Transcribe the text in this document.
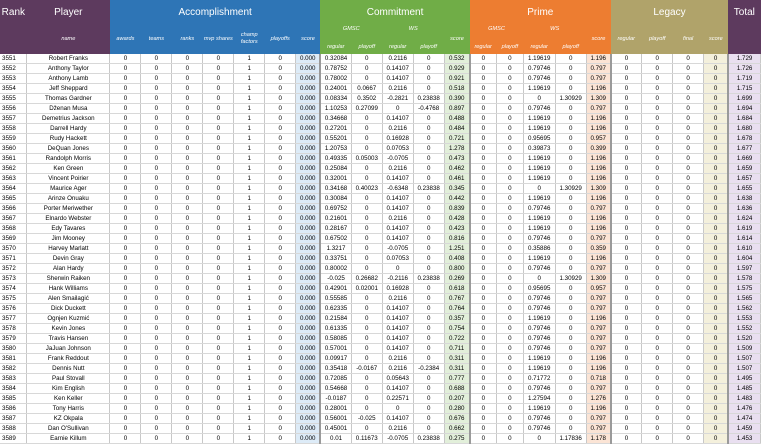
Rank	Player	Accomplishment							Commitment					Prime					Legacy				Total
	name	awards	teams	ranks	mvp shares	champ factors	playoffs	score	GMSC		WS		score	GMSC		WS		score	regular	playoff	final	score	
									regular	playoff	regular	playoff		regular	playoff	regular	playoff						
3551	Robert Franks	0	0	0	0	1	0	0.000	0.32084	0	0.2116	0	0.532	0	0	1.19619	0	1.196	0	0	0	0	1.729
3552	Anthony Taylor	0	0	0	0	1	0	0.000	0.78752	0	0.14107	0	0.929	0	0	0.79746	0	0.797	0	0	0	0	1.726
3553	Anthony Lamb	0	0	0	0	1	0	0.000	0.78002	0	0.14107	0	0.921	0	0	0.79746	0	0.797	0	0	0	0	1.719
3554	Jeff Sheppard	0	0	0	0	1	0	0.000	0.24001	0.0667	0.2116	0	0.518	0	0	1.19619	0	1.196	0	0	0	0	1.715
3555	Thomas Gardner	0	0	0	0	1	0	0.000	0.08334	0.3502	-0.2821	0.23838	0.390	0	0	0	1.30929	1.309	0	0	0	0	1.699
3556	Dženan Musa	0	0	0	0	1	0	0.000	1.10253	0.27099	0	-0.4768	0.897	0	0	0.79746	0	0.797	0	0	0	0	1.694
3557	Demetrius Jackson	0	0	0	0	1	0	0.000	0.34668	0	0.14107	0	0.488	0	0	1.19619	0	1.196	0	0	0	0	1.684
3558	Darrell Hardy	0	0	0	0	1	0	0.000	0.27201	0	0.2116	0	0.484	0	0	1.19619	0	1.196	0	0	0	0	1.680
3559	Rudy Hackett	0	0	0	0	1	0	0.000	0.55201	0	0.16928	0	0.721	0	0	0.95695	0	0.957	0	0	0	0	1.678
3560	DeQuan Jones	0	0	0	0	1	0	0.000	1.20753	0	0.07053	0	1.278	0	0	0.39873	0	0.399	0	0	0	0	1.677
3561	Randolph Morris	0	0	0	0	1	0	0.000	0.49335	0.05003	-0.0705	0	0.473	0	0	1.19619	0	1.196	0	0	0	0	1.669
3562	Ken Green	0	0	0	0	1	0	0.000	0.25084	0	0.2116	0	0.462	0	0	1.19619	0	1.196	0	0	0	0	1.659
3563	Vincent Poirier	0	0	0	0	1	0	0.000	0.32001	0	0.14107	0	0.461	0	0	1.19619	0	1.196	0	0	0	0	1.657
3564	Maurice Ager	0	0	0	0	1	0	0.000	0.34168	0.40023	-0.6348	0.23838	0.345	0	0	0	1.30929	1.309	0	0	0	0	1.655
3565	Arinze Onuaku	0	0	0	0	1	0	0.000	0.30084	0	0.14107	0	0.442	0	0	1.19619	0	1.196	0	0	0	0	1.638
3566	Porter Meriwether	0	0	0	0	1	0	0.000	0.69752	0	0.14107	0	0.839	0	0	0.79746	0	0.797	0	0	0	0	1.636
3567	Elnardo Webster	0	0	0	0	1	0	0.000	0.21601	0	0.2116	0	0.428	0	0	1.19619	0	1.196	0	0	0	0	1.624
3568	Edy Tavares	0	0	0	0	1	0	0.000	0.28167	0	0.14107	0	0.423	0	0	1.19619	0	1.196	0	0	0	0	1.619
3569	Jim Mooney	0	0	0	0	1	0	0.000	0.67502	0	0.14107	0	0.816	0	0	0.79746	0	0.797	0	0	0	0	1.614
3570	Harvey Marlatt	0	0	0	0	1	0	0.000	1.3217	0	-0.0705	0	1.251	0	0	0.35886	0	0.359	0	0	0	0	1.610
3571	Devin Gray	0	0	0	0	1	0	0.000	0.33751	0	0.07053	0	0.408	0	0	1.19619	0	1.196	0	0	0	0	1.604
3572	Alan Hardy	0	0	0	0	1	0	0.000	0.80002	0	0	0	0.800	0	0	0.79746	0	0.797	0	0	0	0	1.597
3573	Sherwin Raiken	0	0	0	0	1	0	0.000	-0.025	0.26682	-0.2116	0.23838	0.269	0	0	0	1.30929	1.309	0	0	0	0	1.578
3574	Hank Williams	0	0	0	0	1	0	0.000	0.42901	0.02001	0.16928	0	0.618	0	0	0.95695	0	0.957	0	0	0	0	1.575
3575	Alen Smailagić	0	0	0	0	1	0	0.000	0.55585	0	0.2116	0	0.767	0	0	0.79746	0	0.797	0	0	0	0	1.565
3576	Dick Duckett	0	0	0	0	1	0	0.000	0.62335	0	0.14107	0	0.764	0	0	0.79746	0	0.797	0	0	0	0	1.562
3577	Ognjen Kuzmić	0	0	0	0	1	0	0.000	0.21584	0	0.14107	0	0.357	0	0	1.19619	0	1.196	0	0	0	0	1.553
3578	Kevin Jones	0	0	0	0	1	0	0.000	0.61335	0	0.14107	0	0.754	0	0	0.79746	0	0.797	0	0	0	0	1.552
3579	Travis Hansen	0	0	0	0	1	0	0.000	0.58085	0	0.14107	0	0.722	0	0	0.79746	0	0.797	0	0	0	0	1.520
3580	JaJuan Johnson	0	0	0	0	1	0	0.000	0.57001	0	0.14107	0	0.711	0	0	0.79746	0	0.797	0	0	0	0	1.509
3581	Frank Reddout	0	0	0	0	1	0	0.000	0.09917	0	0.2116	0	0.311	0	0	1.19619	0	1.196	0	0	0	0	1.507
3582	Dennis Nutt	0	0	0	0	1	0	0.000	0.35418	-0.0167	0.2116	-0.2384	0.311	0	0	1.19619	0	1.196	0	0	0	0	1.507
3583	Paul Stovall	0	0	0	0	1	0	0.000	0.72085	0	0.05643	0	0.777	0	0	0.71772	0	0.718	0	0	0	0	1.495
3584	Kim English	0	0	0	0	1	0	0.000	0.54668	0	0.14107	0	0.688	0	0	0.79746	0	0.797	0	0	0	0	1.485
3585	Ken Keller	0	0	0	0	1	0	0.000	-0.0187	0	0.22571	0	0.207	0	0	1.27594	0	1.276	0	0	0	0	1.483
3586	Tony Harris	0	0	0	0	1	0	0.000	0.28001	0	0	0	0.280	0	0	1.19619	0	1.196	0	0	0	0	1.476
3587	KZ Okpala	0	0	0	0	1	0	0.000	0.56001	-0.025	0.14107	0	0.676	0	0	0.79746	0	0.797	0	0	0	0	1.474
3588	Dan O'Sullivan	0	0	0	0	1	0	0.000	0.45001	0	0.2116	0	0.662	0	0	0.79746	0	0.797	0	0	0	0	1.459
3589	Earnie Killum	0	0	0	0	1	0	0.000	0.01	0.11673	-0.0705	0.23838	0.275	0	0	0	1.17836	1.178	0	0	0	0	1.453
